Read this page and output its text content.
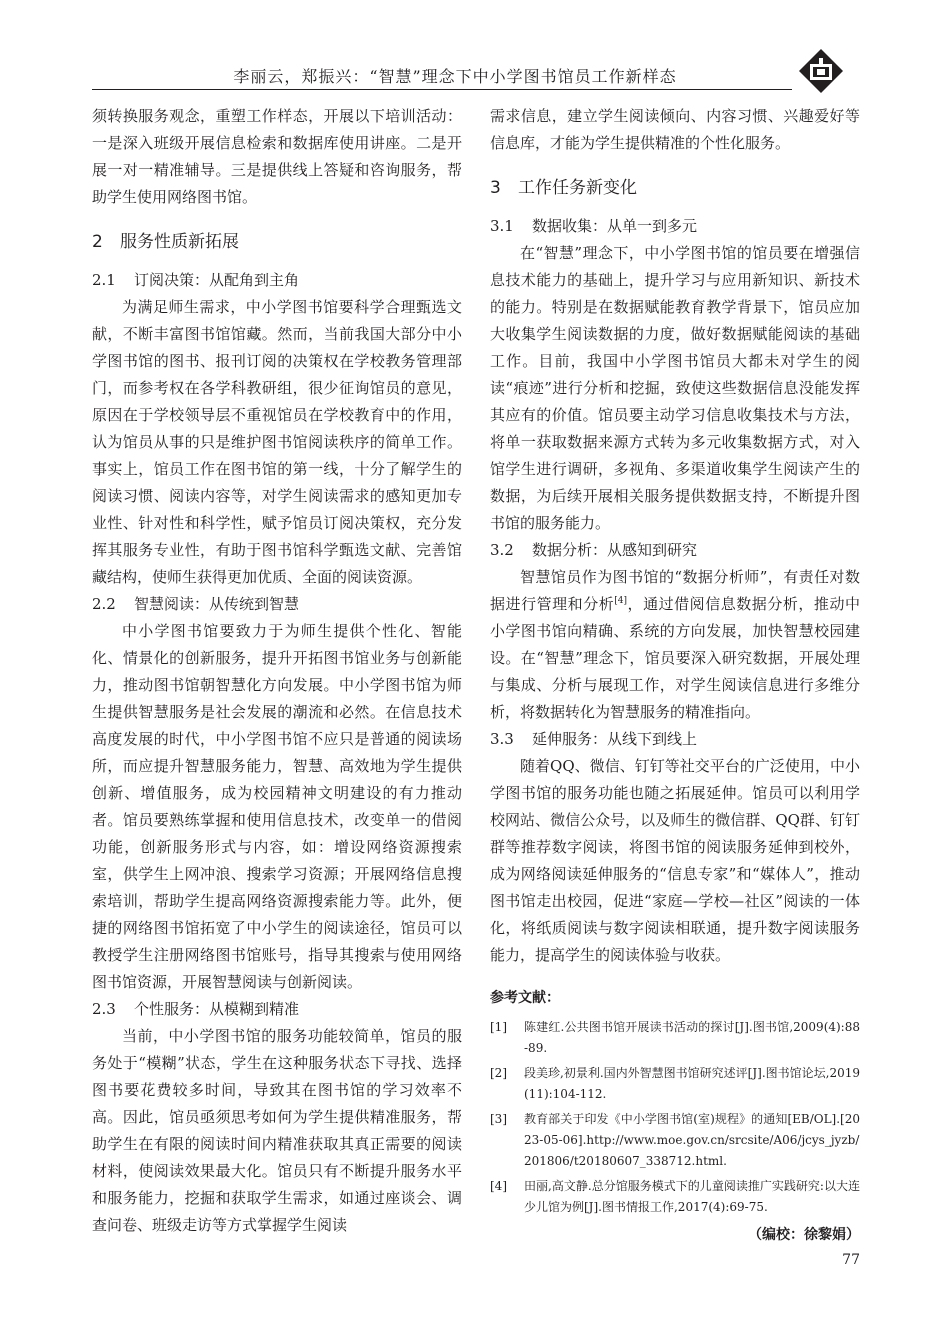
李丽云，郑振兴：“智慧”理念下中小学图书馆员工作新样态

须转换服务观念，重塑工作样态，开展以下培训活动：一是深入班级开展信息检索和数据库使用讲座。二是开展一对一精准辅导。三是提供线上答疑和咨询服务，帮助学生使用网络图书馆。

2 服务性质新拓展
2.1 订阅决策：从配角到主角

为满足师生需求，中小学图书馆要科学合理甄选文献，不断丰富图书馆馆藏。然而，当前我国大部分中小学图书馆的图书、报刊订阅的决策权在学校教务管理部门，而参考权在各学科教研组，很少征询馆员的意见，原因在于学校领导层不重视馆员在学校教育中的作用，认为馆员从事的只是维护图书馆阅读秩序的简单工作。事实上，馆员工作在图书馆的第一线，十分了解学生的阅读习惯、阅读内容等，对学生阅读需求的感知更加专业性、针对性和科学性，赋予馆员订阅决策权，充分发挥其服务专业性，有助于图书馆科学甄选文献、完善馆藏结构，使师生获得更加优质、全面的阅读资源。

2.2 智慧阅读：从传统到智慧

中小学图书馆要致力于为师生提供个性化、智能化、情景化的创新服务，提升开拓图书馆业务与创新能力，推动图书馆朝智慧化方向发展。中小学图书馆为师生提供智慧服务是社会发展的潮流和必然。在信息技术高度发展的时代，中小学图书馆不应只是普通的阅读场所，而应提升智慧服务能力，智慧、高效地为学生提供创新、增值服务，成为校园精神文明建设的有力推动者。馆员要熟练掌握和使用信息技术，改变单一的借阅功能，创新服务形式与内容，如：增设网络资源搜索室，供学生上网冲浪、搜索学习资源；开展网络信息搜索培训，帮助学生提高网络资源搜索能力等。此外，便捷的网络图书馆拓宽了中小学生的阅读途径，馆员可以教授学生注册网络图书馆账号，指导其搜索与使用网络图书馆资源，开展智慧阅读与创新阅读。

2.3 个性服务：从模糊到精准

当前，中小学图书馆的服务功能较简单，馆员的服务处于“模糊”状态，学生在这种服务状态下寻找、选择图书要花费较多时间，导致其在图书馆的学习效率不高。因此，馆员亟须思考如何为学生提供精准服务，帮助学生在有限的阅读时间内精准获取其真正需要的阅读材料，使阅读效果最大化。馆员只有不断提升服务水平和服务能力，挖掘和获取学生需求，如通过座谈会、调查问卷、班级走访等方式掌握学生阅读

需求信息，建立学生阅读倾向、内容习惯、兴趣爱好等信息库，才能为学生提供精准的个性化服务。

3 工作任务新变化
3.1 数据收集：从单一到多元

在“智慧”理念下，中小学图书馆的馆员要在增强信息技术能力的基础上，提升学习与应用新知识、新技术的能力。特别是在数据赋能教育教学背景下，馆员应加大收集学生阅读数据的力度，做好数据赋能阅读的基础工作。目前，我国中小学图书馆员大都未对学生的阅读“痕迹”进行分析和挖掘，致使这些数据信息没能发挥其应有的价值。馆员要主动学习信息收集技术与方法，将单一获取数据来源方式转为多元收集数据方式，对入馆学生进行调研，多视角、多渠道收集学生阅读产生的数据，为后续开展相关服务提供数据支持，不断提升图书馆的服务能力。

3.2 数据分析：从感知到研究

智慧馆员作为图书馆的“数据分析师”，有责任对数据进行管理和分析[4]，通过借阅信息数据分析，推动中小学图书馆向精确、系统的方向发展，加快智慧校园建设。在“智慧”理念下，馆员要深入研究数据，开展处理与集成、分析与展现工作，对学生阅读信息进行多维分析，将数据转化为智慧服务的精准指向。

3.3 延伸服务：从线下到线上

随着QQ、微信、钉钉等社交平台的广泛使用，中小学图书馆的服务功能也随之拓展延伸。馆员可以利用学校网站、微信公众号，以及师生的微信群、QQ群、钉钉群等推荐数字阅读，将图书馆的阅读服务延伸到校外，成为网络阅读延伸服务的“信息专家”和“媒体人”，推动图书馆走出校园，促进“家庭—学校—社区”阅读的一体化，将纸质阅读与数字阅读相联通，提升数字阅读服务能力，提高学生的阅读体验与收获。

参考文献：
[1]	陈建红.公共图书馆开展读书活动的探讨[J].图书馆,2009(4):88-89.
[2]	段美珍,初景利.国内外智慧图书馆研究述评[J].图书馆论坛,2019(11):104-112.
[3]	教育部关于印发《中小学图书馆(室)规程》的通知[EB/OL].[2023-05-06].http://www.moe.gov.cn/srcsite/A06/jcys_jyzb/201806/t20180607_338712.html.
[4]	田丽,高文静.总分馆服务模式下的儿童阅读推广实践研究:以大连少儿馆为例[J].图书情报工作,2017(4):69-75.
（编校：徐黎娟）
77
